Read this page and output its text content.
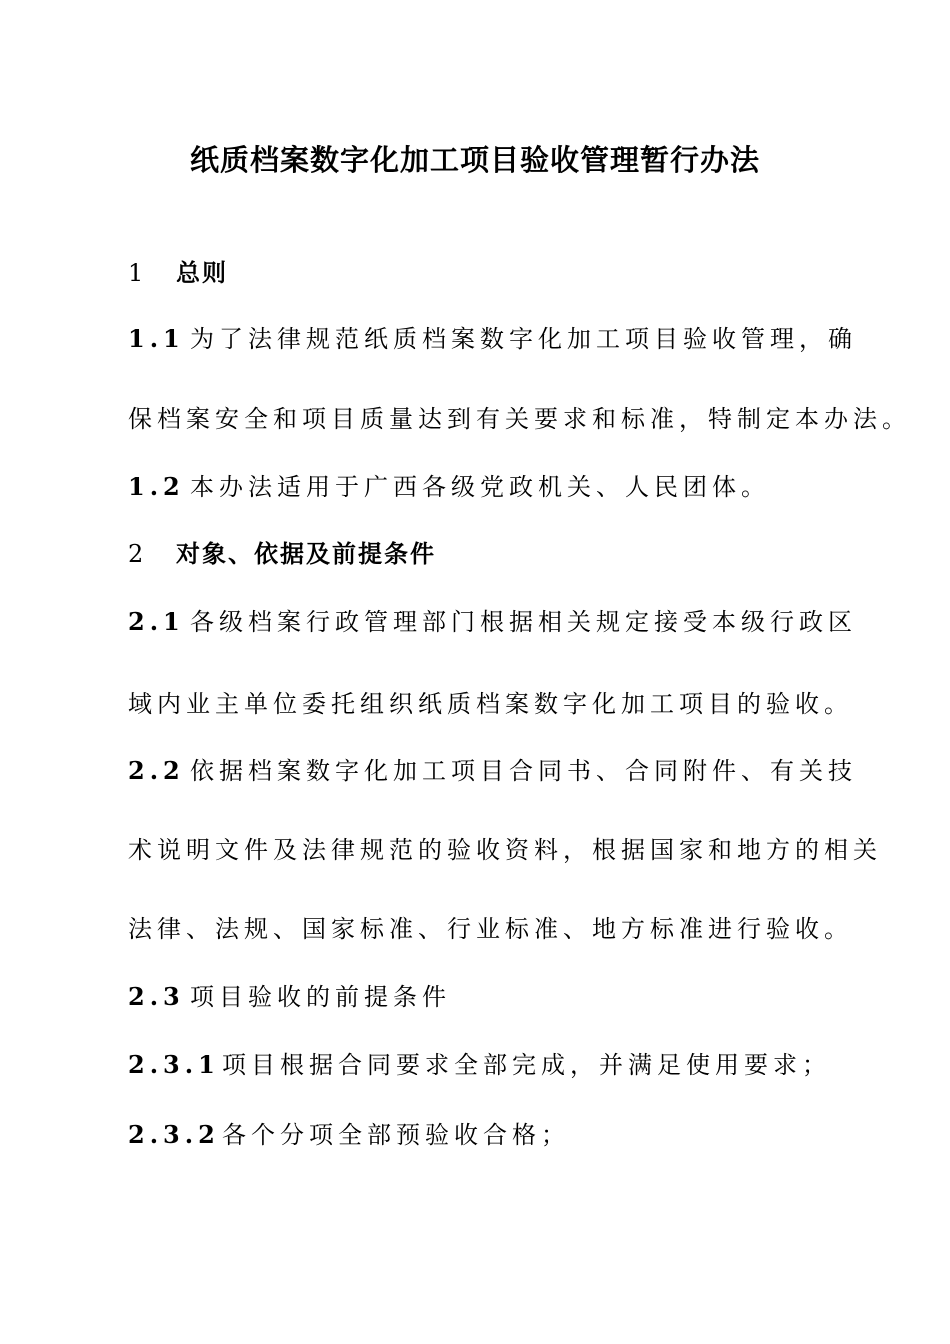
纸质档案数字化加工项目验收管理暂行办法
1 总则
1.1 为了法律规范纸质档案数字化加工项目验收管理，确
保档案安全和项目质量达到有关要求和标准，特制定本办法。
1.2 本办法适用于广西各级党政机关、人民团体。
2 对象、依据及前提条件
2.1 各级档案行政管理部门根据相关规定接受本级行政区
域内业主单位委托组织纸质档案数字化加工项目的验收。
2.2 依据档案数字化加工项目合同书、合同附件、有关技
术说明文件及法律规范的验收资料，根据国家和地方的相关
法律、法规、国家标准、行业标准、地方标准进行验收。
2.3 项目验收的前提条件
2.3.1项目根据合同要求全部完成，并满足使用要求；
2.3.2各个分项全部预验收合格；
